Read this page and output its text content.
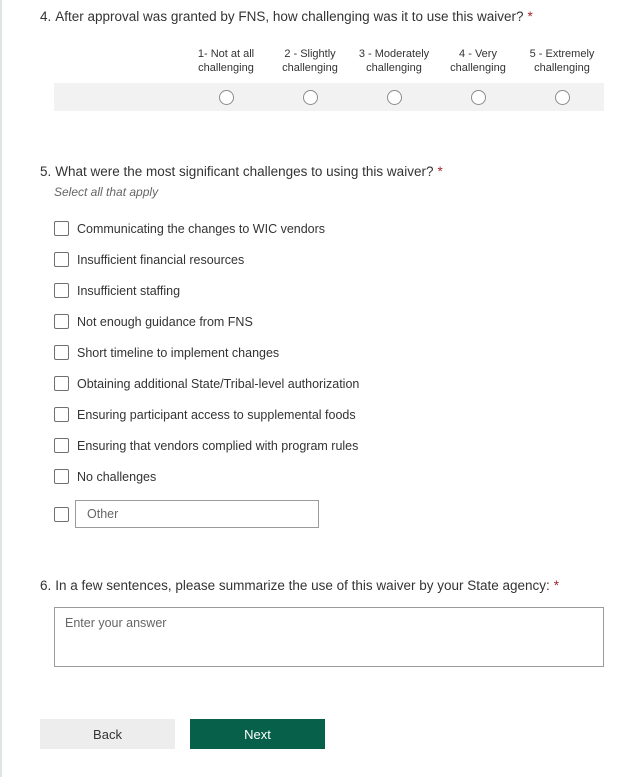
4. After approval was granted by FNS, how challenging was it to use this waiver? *
1- Not at all challenging
2 - Slightly challenging
3 - Moderately challenging
4 - Very challenging
5 - Extremely challenging
5. What were the most significant challenges to using this waiver? *
Select all that apply
Communicating the changes to WIC vendors
Insufficient financial resources
Insufficient staffing
Not enough guidance from FNS
Short timeline to implement changes
Obtaining additional State/Tribal-level authorization
Ensuring participant access to supplemental foods
Ensuring that vendors complied with program rules
No challenges
Other
6. In a few sentences, please summarize the use of this waiver by your State agency: *
Enter your answer
Back	Next
